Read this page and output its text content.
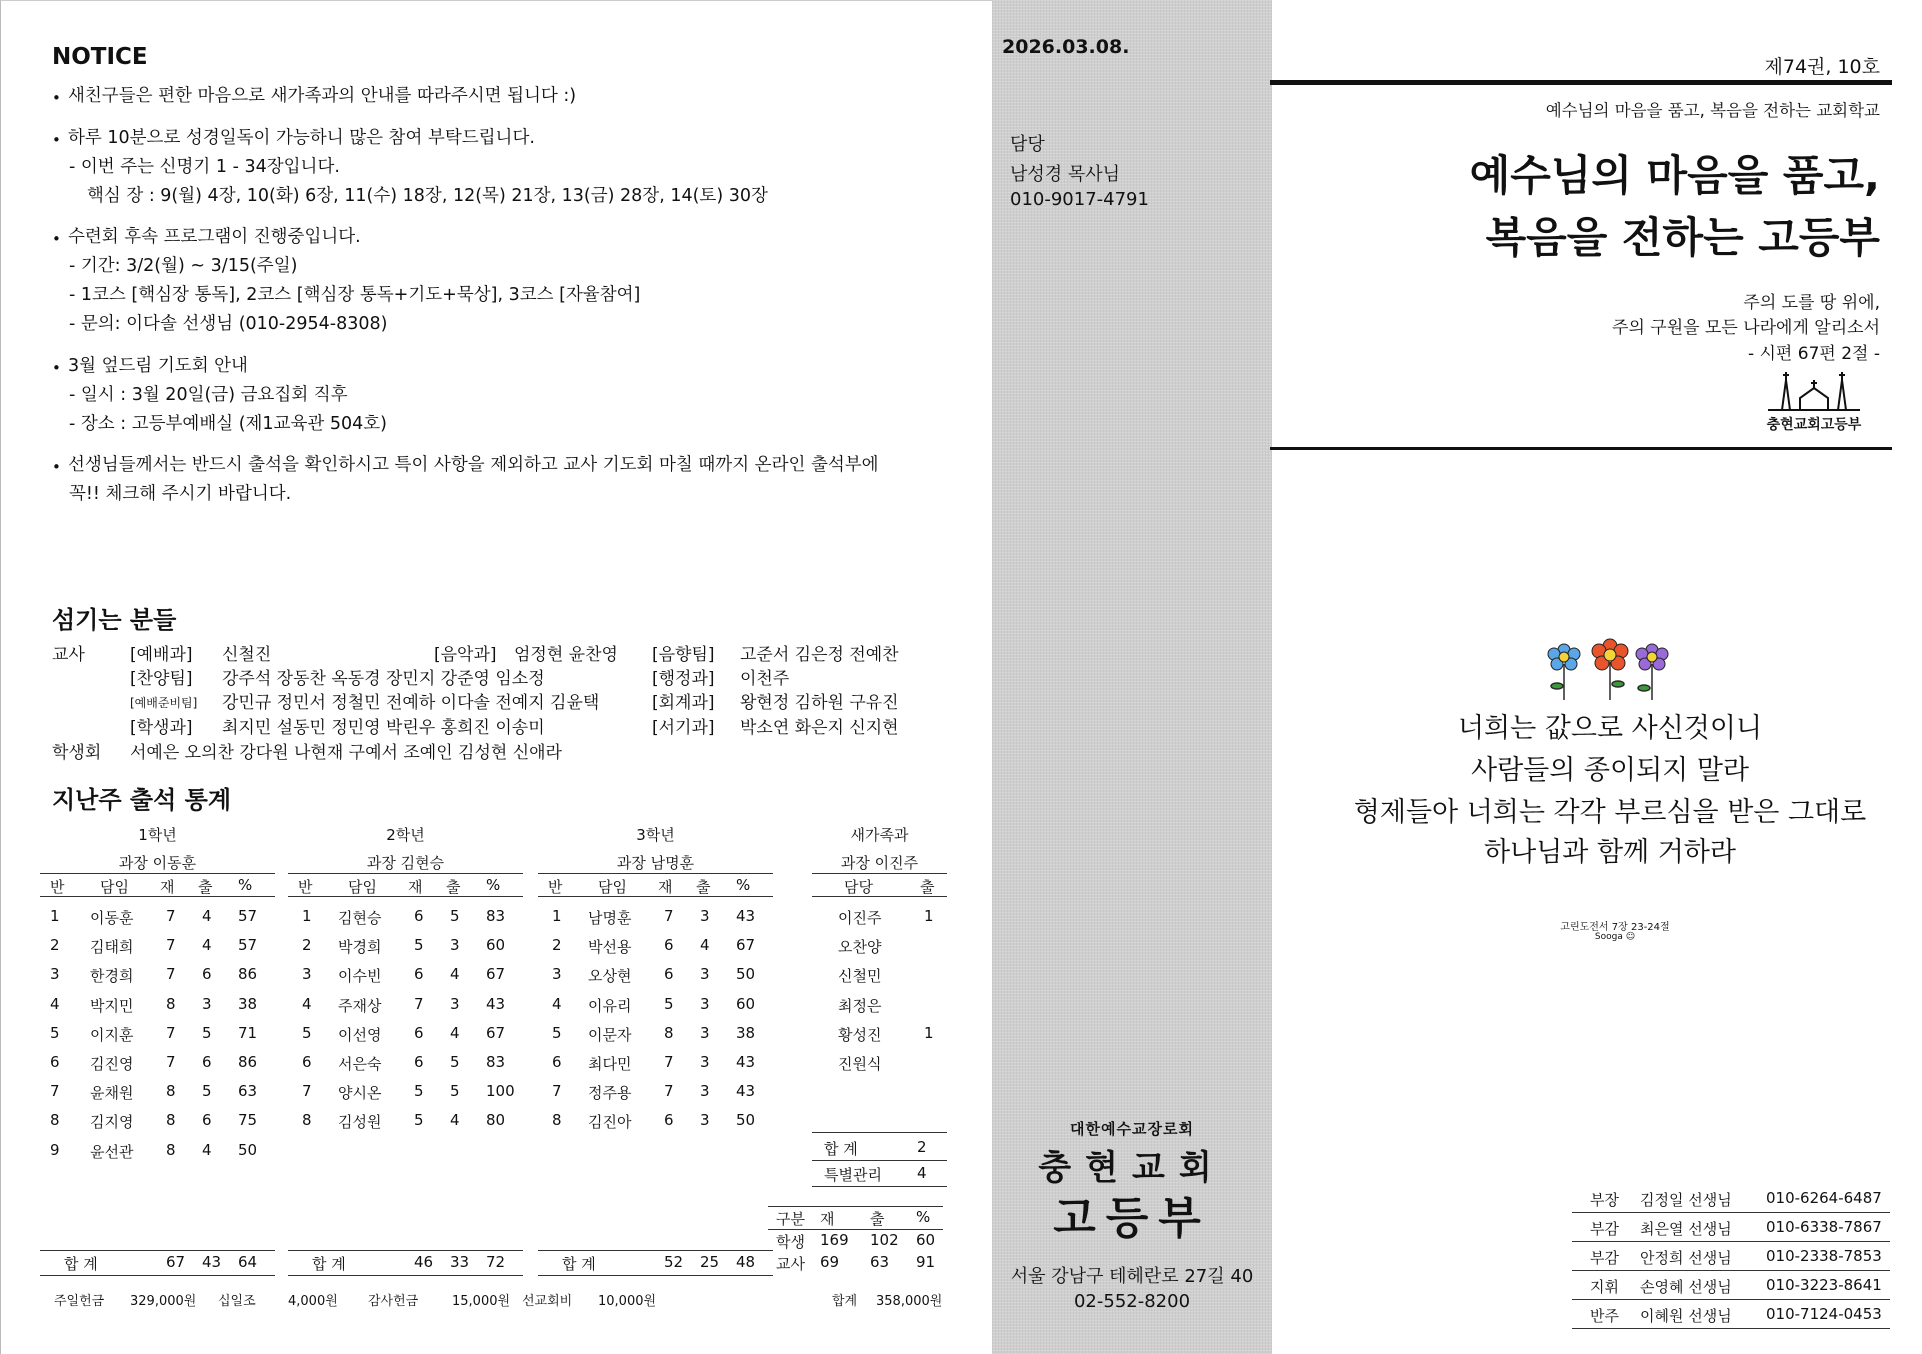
NOTICE
• 새친구들은 편한 마음으로 새가족과의 안내를 따라주시면 됩니다 :)
• 하루 10분으로 성경일독이 가능하니 많은 참여 부탁드립니다.
- 이번 주는 신명기 1 - 34장입니다.
핵심 장 : 9(월) 4장, 10(화) 6장, 11(수) 18장, 12(목) 21장, 13(금) 28장, 14(토) 30장
• 수련회 후속 프로그램이 진행중입니다.
- 기간: 3/2(월) ~ 3/15(주일)
- 1코스 [핵심장 통독], 2코스 [핵심장 통독+기도+묵상], 3코스 [자율참여]
- 문의: 이다솔 선생님 (010-2954-8308)
• 3월 엎드림 기도회 안내
- 일시 : 3월 20일(금) 금요집회 직후
- 장소 : 고등부예배실 (제1교육관 504호)
• 선생님들께서는 반드시 출석을 확인하시고 특이 사항을 제외하고 교사 기도회 마칠 때까지 온라인 출석부에
꼭!! 체크해 주시기 바랍니다.
섬기는 분들
교사	[예배과] 신철진	[음악과] 엄정현 윤찬영 [음향팀] 고준서 김은정 전예찬
[찬양팀] 강주석 장동찬 옥동경 장민지 강준영 임소정	[행정과] 이천주
[예배준비팀] 강민규 정민서 정철민 전예하 이다솔 전예지 김윤택	[회계과] 왕현정 김하원 구유진
[학생과] 최지민 설동민 정민영 박린우 홍희진 이송미	[서기과] 박소연 화은지 신지현
학생회 서예은 오의찬 강다원 나현재 구예서 조예인 김성현 신애라
지난주 출석 통계
1학년
과장 이동훈
반 담임 재 출 %
1 이동훈 7 4 57
2 김태희 7 4 57
3 한경희 7 6 86
4 박지민 8 3 38
5 이지훈 7 5 71
6 김진영 7 6 86
7 윤채원 8 5 63
8 김지영 8 6 75
9 윤선관 8 4 50
합 계	67 43 64
2학년
과장 김현승
반 담임 재 출 %
1 김현승 6 5 83
2 박경희 5 3 60
3 이수빈 6 4 67
4 주재상 7 3 43
5 이선영 6 4 67
6 서은숙 6 5 83
7 양시온 5 5 100
8 김성원 5 4 80
합 계	46 33 72
3학년
과장 남명훈
반 담임 재 출 %
1 남명훈 7 3 43
2 박선용 6 4 67
3 오상현 6 3 50
4 이유리 5 3 60
5 이문자 8 3 38
6 최다민 7 3 43
7 정주용 7 3 43
8 김진아 6 3 50
합 계	52 25 48
새가족과
과장 이진주
담당	출
이진주	1
오찬양
신철민
최정은
황성진	1
진원식
합 계	2
특별관리 4
구분 재 출 %
학생 169 102 60
교사 69 63 91
주일헌금 329,000원 십일조 4,000원 감사헌금	15,000원 선교회비 10,000원	합계 358,000원
2026.03.08.
담당
남성경 목사님
010-9017-4791
대한예수교장로회
충현교회
고등부
서울 강남구 테헤란로 27길 40
02-552-8200
제74권, 10호
예수님의 마음을 품고, 복음을 전하는 교회학교
예수님의 마음을 품고,
복음을 전하는 고등부
주의 도를 땅 위에,
주의 구원을 모든 나라에게 알리소서
- 시편 67편 2절 -
충현교회고등부
너희는 값으로 사신것이니
사람들의 종이되지 말라
형제들아 너희는 각각 부르심을 받은 그대로
하나님과 함께 거하라
고린도전서 7장 23-24절
Sooga ☺
부장 김정일 선생님 010-6264-6487
부감 최은열 선생님 010-6338-7867
부감 안정희 선생님 010-2338-7853
지휘 손영혜 선생님 010-3223-8641
반주 이혜원 선생님 010-7124-0453
